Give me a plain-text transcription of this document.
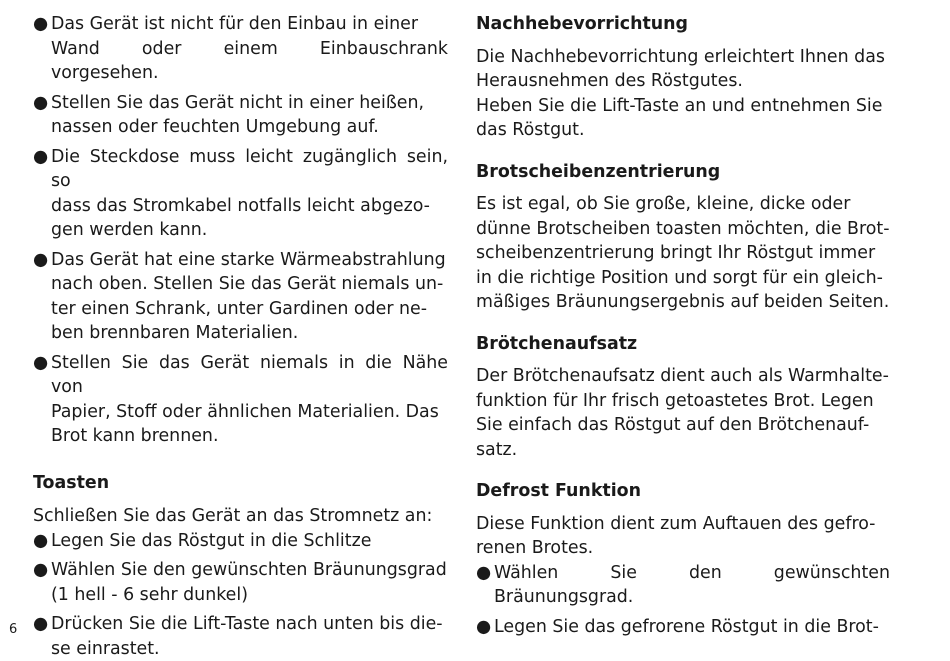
● Das Gerät ist nicht für den Einbau in einer
Wand oder einem Einbauschrank vorgesehen.
● Stellen Sie das Gerät nicht in einer heißen,
nassen oder feuchten Umgebung auf.
● Die Steckdose muss leicht zugänglich sein, so
dass das Stromkabel notfalls leicht abgezo-
gen werden kann.
● Das Gerät hat eine starke Wärmeabstrahlung
nach oben. Stellen Sie das Gerät niemals un-
ter einen Schrank, unter Gardinen oder ne-
ben brennbaren Materialien.
● Stellen Sie das Gerät niemals in die Nähe von
Papier, Stoff oder ähnlichen Materialien. Das
Brot kann brennen.
Toasten

Schließen Sie das Gerät an das Stromnetz an:

● Legen Sie das Röstgut in die Schlitze
● Wählen Sie den gewünschten Bräunungsgrad
(1 hell - 6 sehr dunkel)
● Drücken Sie die Lift-Taste nach unten bis die-
se einrastet.
Nachhebevorrichtung

Die Nachhebevorrichtung erleichtert Ihnen das
Herausnehmen des Röstgutes.

Heben Sie die Lift-Taste an und entnehmen Sie
das Röstgut.

Brotscheibenzentrierung

Es ist egal, ob Sie große, kleine, dicke oder
dünne Brotscheiben toasten möchten, die Brot-
scheibenzentrierung bringt Ihr Röstgut immer
in die richtige Position und sorgt für ein gleich-
mäßiges Bräunungsergebnis auf beiden Seiten.

Brötchenaufsatz

Der Brötchenaufsatz dient auch als Warmhalte-
funktion für Ihr frisch getoastetes Brot. Legen
Sie einfach das Röstgut auf den Brötchenauf-
satz.

Defrost Funktion

Diese Funktion dient zum Auftauen des gefro-
renen Brotes.

● Wählen Sie den gewünschten Bräunungsgrad.
● Legen Sie das gefrorene Röstgut in die Brot-
6
